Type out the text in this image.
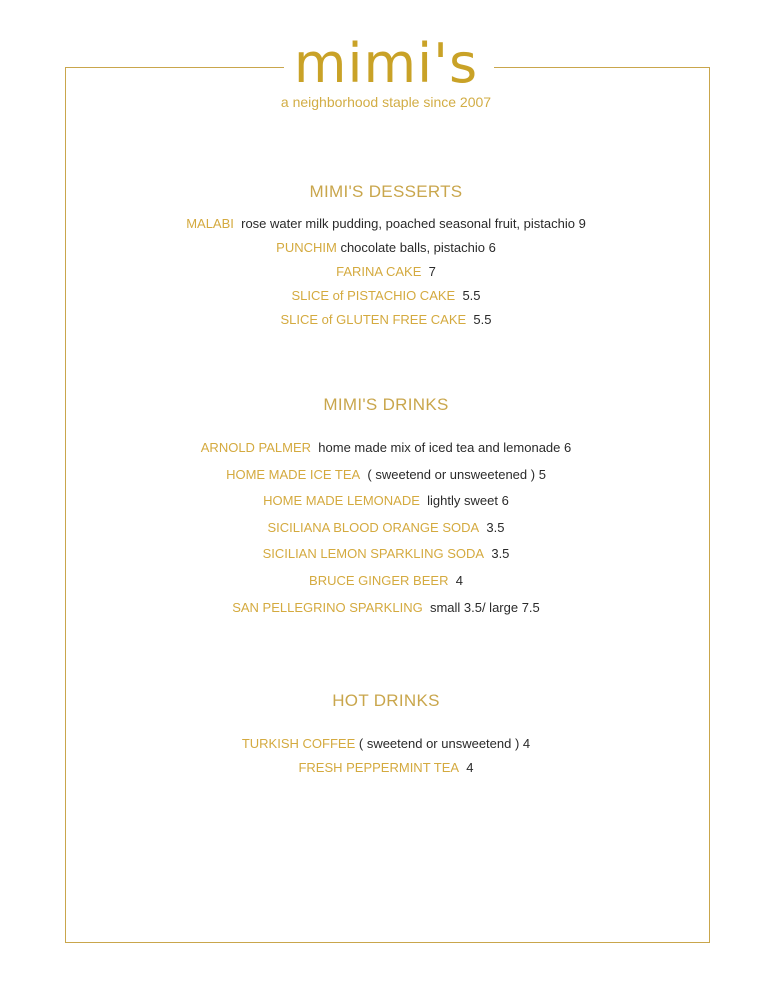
mimi's
a neighborhood staple since 2007
MIMI'S DESSERTS
MALABI rose water milk pudding, poached seasonal fruit, pistachio 9
PUNCHIM chocolate balls, pistachio 6
FARINA CAKE 7
SLICE of PISTACHIO CAKE 5.5
SLICE of GLUTEN FREE CAKE 5.5
MIMI'S DRINKS
ARNOLD PALMER home made mix of iced tea and lemonade 6
HOME MADE ICE TEA ( sweetend or unsweetened ) 5
HOME MADE LEMONADE lightly sweet 6
SICILIANA BLOOD ORANGE SODA 3.5
SICILIAN LEMON SPARKLING SODA 3.5
BRUCE GINGER BEER 4
SAN PELLEGRINO SPARKLING small 3.5/ large 7.5
HOT DRINKS
TURKISH COFFEE ( sweetend or unsweetend ) 4
FRESH PEPPERMINT TEA 4
